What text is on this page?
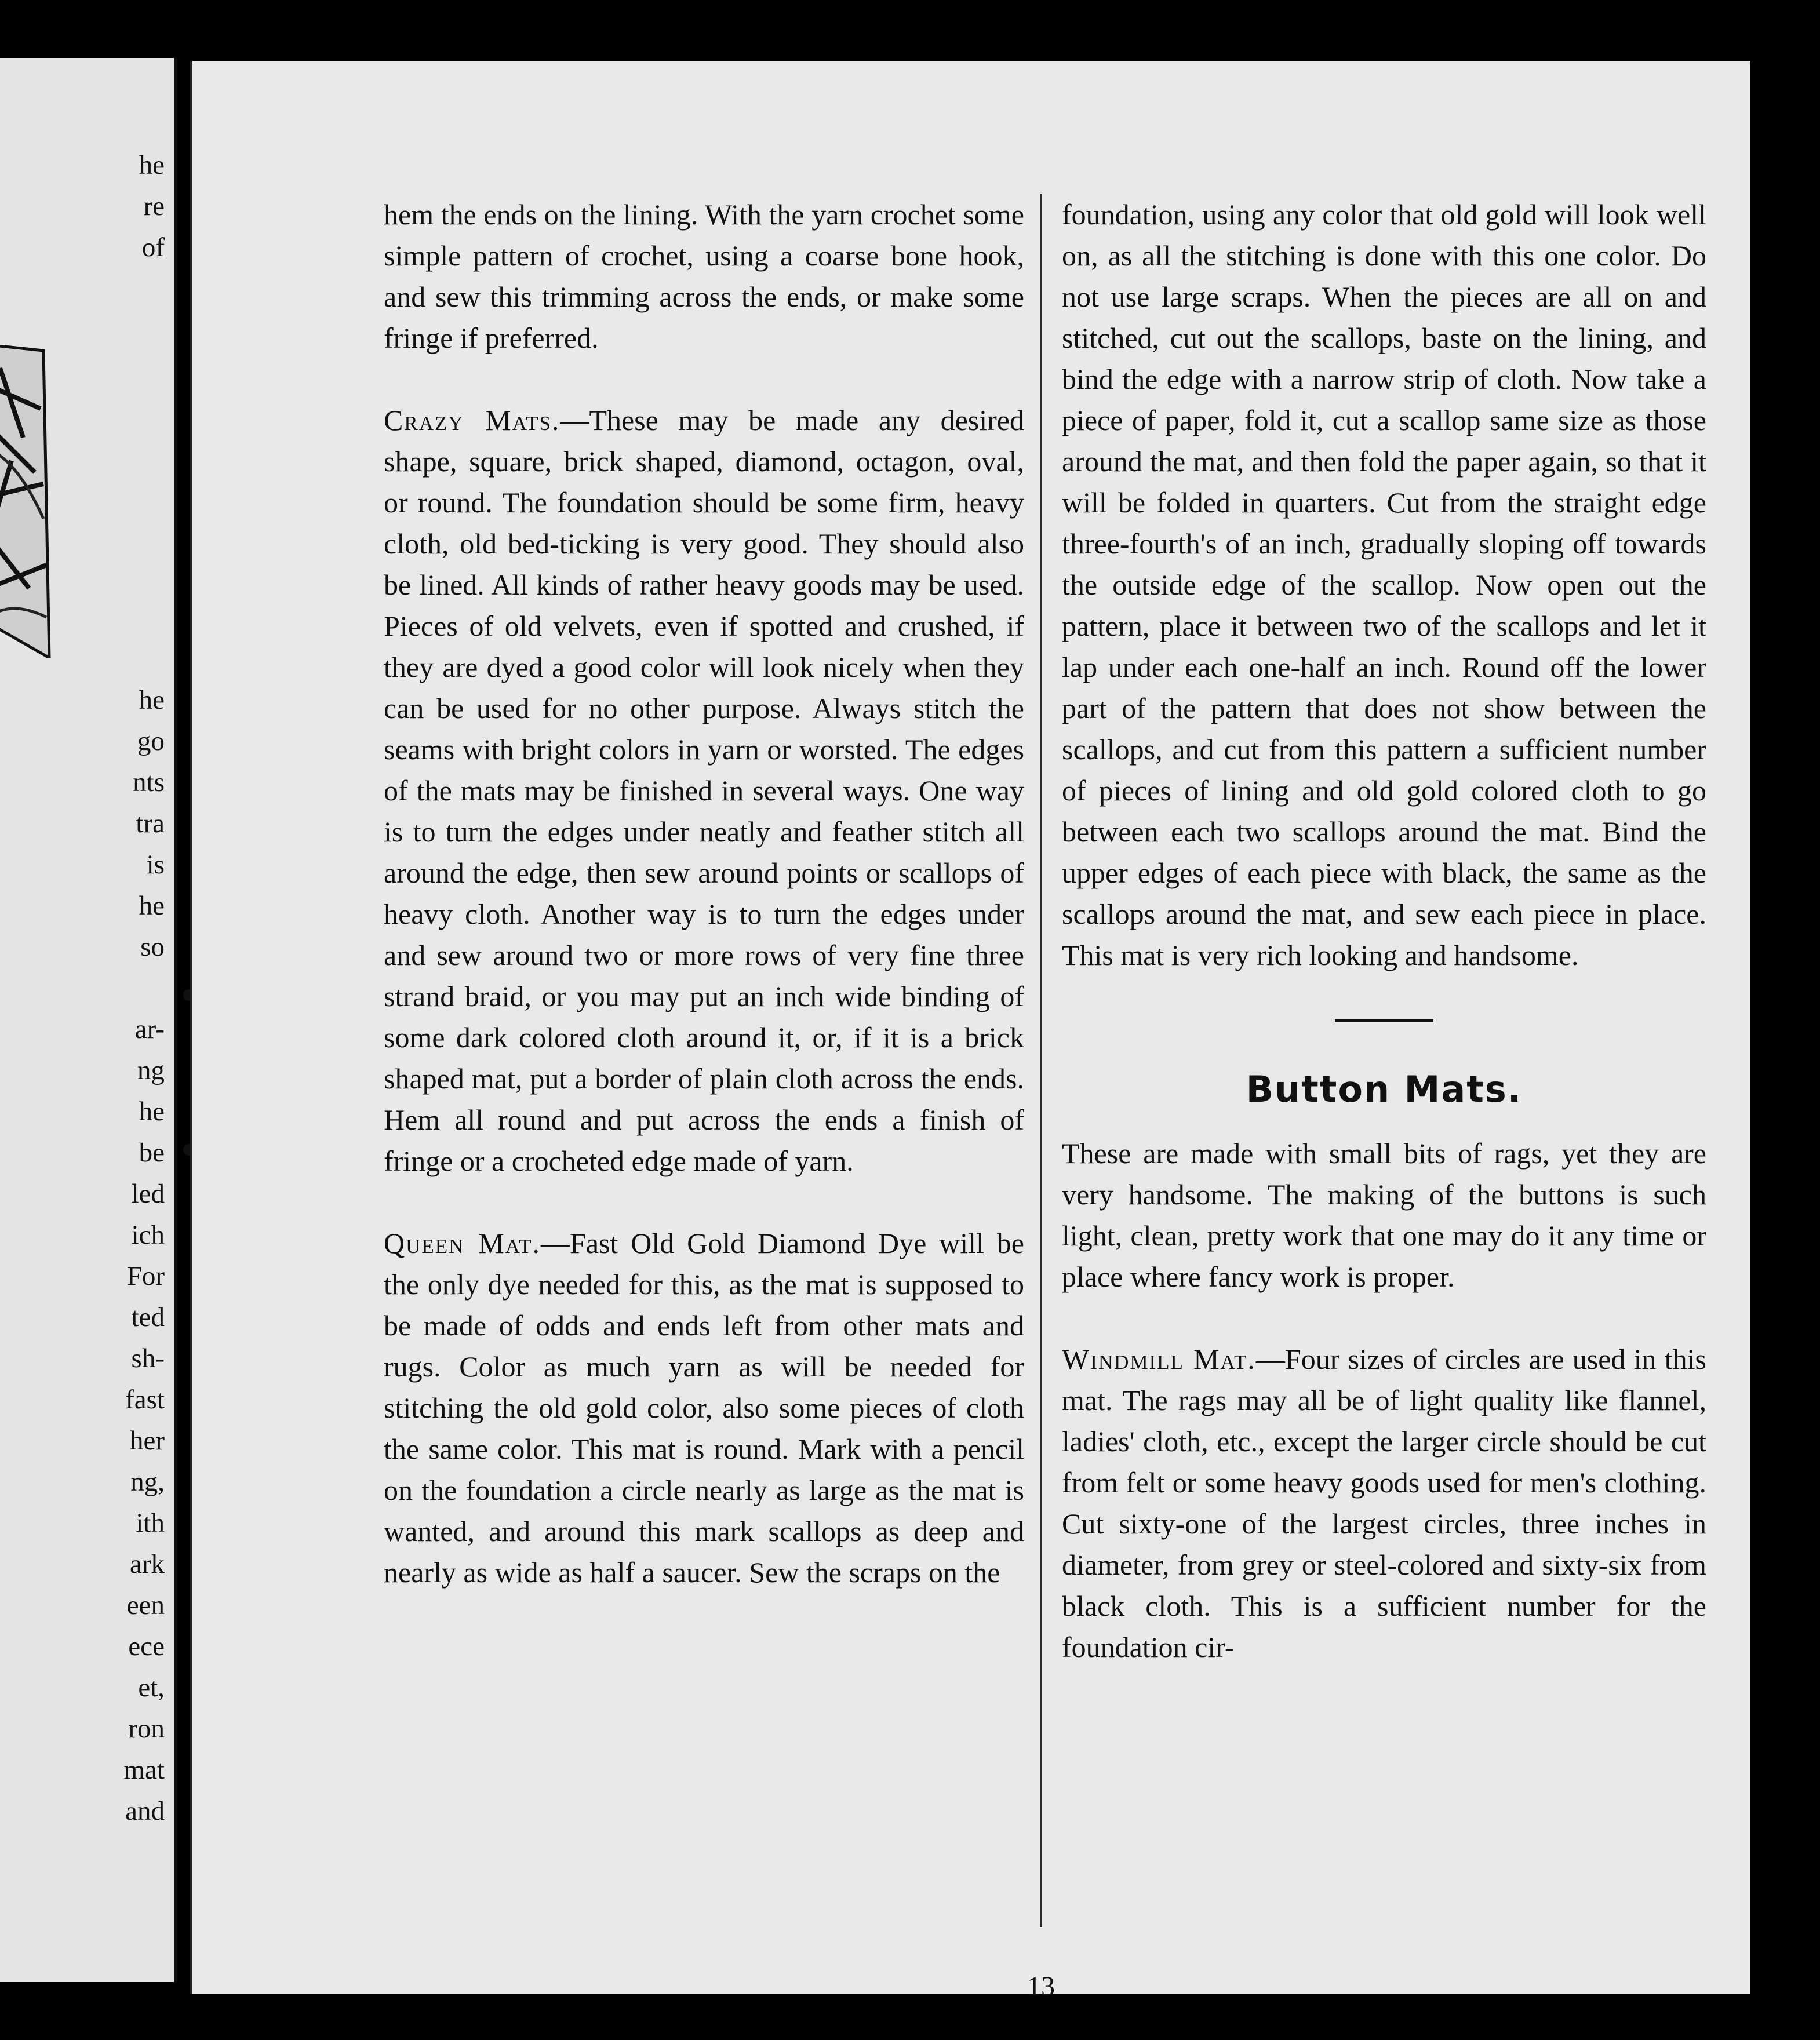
he
re
of
he
go
nts
tra
is
he
so
ar-
ng
he
be
led
ich
For
ted
sh-
fast
her
ng,
ith
ark
een
ece
et,
ron
mat
and

hem the ends on the lining. With the yarn crochet some simple pattern of crochet, using a coarse bone hook, and sew this trimming across the ends, or make some fringe if preferred.

Crazy Mats.—These may be made any desired shape, square, brick shaped, diamond, octagon, oval, or round. The foundation should be some firm, heavy cloth, old bed-ticking is very good. They should also be lined. All kinds of rather heavy goods may be used. Pieces of old velvets, even if spotted and crushed, if they are dyed a good color will look nicely when they can be used for no other purpose. Always stitch the seams with bright colors in yarn or worsted. The edges of the mats may be finished in several ways. One way is to turn the edges under neatly and feather stitch all around the edge, then sew around points or scallops of heavy cloth. Another way is to turn the edges under and sew around two or more rows of very fine three strand braid, or you may put an inch wide binding of some dark colored cloth around it, or, if it is a brick shaped mat, put a border of plain cloth across the ends. Hem all round and put across the ends a finish of fringe or a crocheted edge made of yarn.

Queen Mat.—Fast Old Gold Diamond Dye will be the only dye needed for this, as the mat is supposed to be made of odds and ends left from other mats and rugs. Color as much yarn as will be needed for stitching the old gold color, also some pieces of cloth the same color. This mat is round. Mark with a pencil on the foundation a circle nearly as large as the mat is wanted, and around this mark scallops as deep and nearly as wide as half a saucer. Sew the scraps on the

foundation, using any color that old gold will look well on, as all the stitching is done with this one color. Do not use large scraps. When the pieces are all on and stitched, cut out the scallops, baste on the lining, and bind the edge with a narrow strip of cloth. Now take a piece of paper, fold it, cut a scallop same size as those around the mat, and then fold the paper again, so that it will be folded in quarters. Cut from the straight edge three-fourth's of an inch, gradually sloping off towards the outside edge of the scallop. Now open out the pattern, place it between two of the scallops and let it lap under each one-half an inch. Round off the lower part of the pattern that does not show between the scallops, and cut from this pattern a sufficient number of pieces of lining and old gold colored cloth to go between each two scallops around the mat. Bind the upper edges of each piece with black, the same as the scallops around the mat, and sew each piece in place. This mat is very rich looking and handsome.

Button Mats.

These are made with small bits of rags, yet they are very handsome. The making of the buttons is such light, clean, pretty work that one may do it any time or place where fancy work is proper.

Windmill Mat.—Four sizes of circles are used in this mat. The rags may all be of light quality like flannel, ladies' cloth, etc., except the larger circle should be cut from felt or some heavy goods used for men's clothing. Cut sixty-one of the largest circles, three inches in diameter, from grey or steel-colored and sixty-six from black cloth. This is a sufficient number for the foundation cir-

13
